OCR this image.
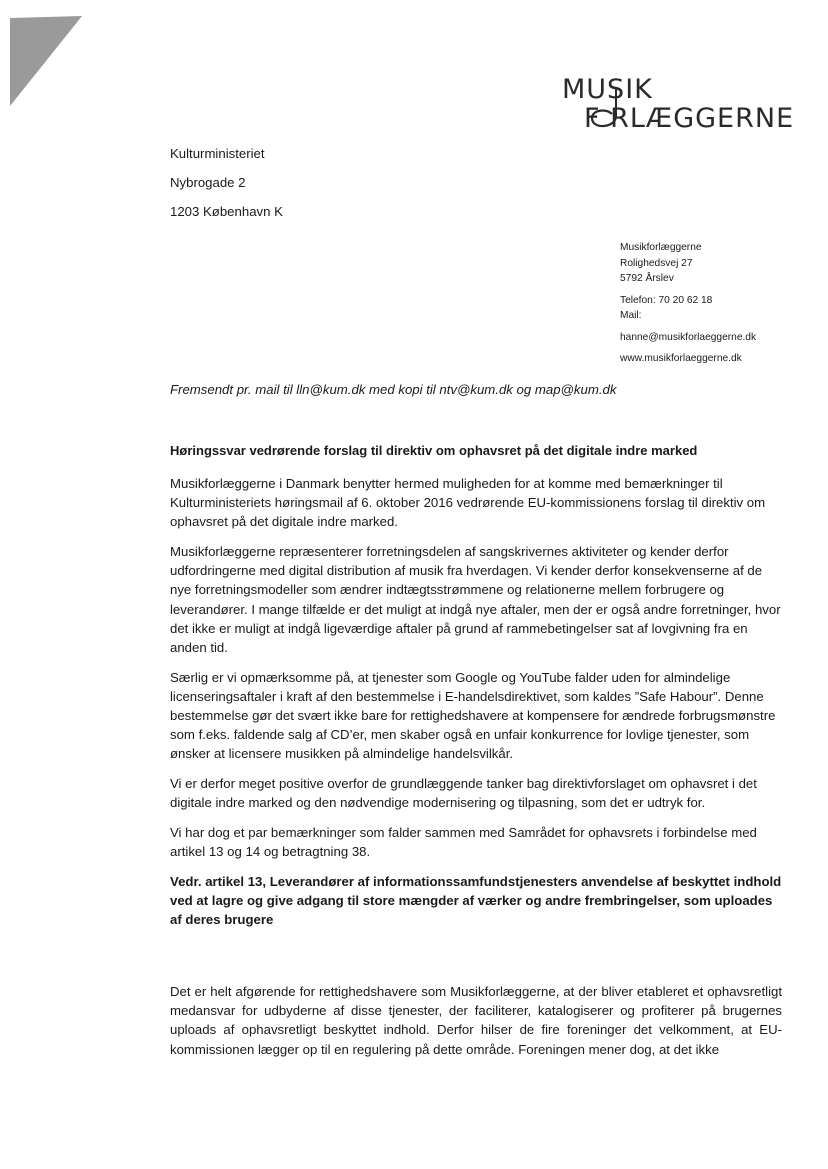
MUSIK
F RLÆGGERNE
Kulturministeriet
Nybrogade 2
1203 København K
Musikforlæggerne
Rolighedsvej 27
5792 Årslev
Telefon: 70 20 62 18
Mail:
hanne@musikforlaeggerne.dk
www.musikforlaeggerne.dk
Fremsendt pr. mail til lln@kum.dk med kopi til ntv@kum.dk og map@kum.dk
Høringssvar vedrørende forslag til direktiv om ophavsret på det digitale indre marked

Musikforlæggerne i Danmark benytter hermed muligheden for at komme med bemærkninger til Kulturministeriets høringsmail af 6. oktober 2016 vedrørende EU-kommissionens forslag til direktiv om ophavsret på det digitale indre marked.

Musikforlæggerne repræsenterer forretningsdelen af sangskrivernes aktiviteter og kender derfor udfordringerne med digital distribution af musik fra hverdagen. Vi kender derfor konsekvenserne af de nye forretningsmodeller som ændrer indtægtsstrømmene og relationerne mellem forbrugere og leverandører. I mange tilfælde er det muligt at indgå nye aftaler, men der er også andre forretninger, hvor det ikke er muligt at indgå ligeværdige aftaler på grund af rammebetingelser sat af lovgivning fra en anden tid.

Særlig er vi opmærksomme på, at tjenester som Google og YouTube falder uden for almindelige licenseringsaftaler i kraft af den bestemmelse i E-handelsdirektivet, som kaldes ”Safe Habour”. Denne bestemmelse gør det svært ikke bare for rettighedshavere at kompensere for ændrede forbrugsmønstre som f.eks. faldende salg af CD’er, men skaber også en unfair konkurrence for lovlige tjenester, som ønsker at licensere musikken på almindelige handelsvilkår.

Vi er derfor meget positive overfor de grundlæggende tanker bag direktivforslaget om ophavsret i det digitale indre marked og den nødvendige modernisering og tilpasning, som det er udtryk for.

Vi har dog et par bemærkninger som falder sammen med Samrådet for ophavsrets i forbindelse med artikel 13 og 14 og betragtning 38.

Vedr. artikel 13, Leverandører af informationssamfundstjenesters anvendelse af beskyttet indhold ved at lagre og give adgang til store mængder af værker og andre frembringelser, som uploades af deres brugere

Det er helt afgørende for rettighedshavere som Musikforlæggerne, at der bliver etableret et ophavsretligt medansvar for udbyderne af disse tjenester, der faciliterer, katalogiserer og profiterer på brugernes uploads af ophavsretligt beskyttet indhold. Derfor hilser de fire foreninger det velkomment, at EU-kommissionen lægger op til en regulering på dette område. Foreningen mener dog, at det ikke
